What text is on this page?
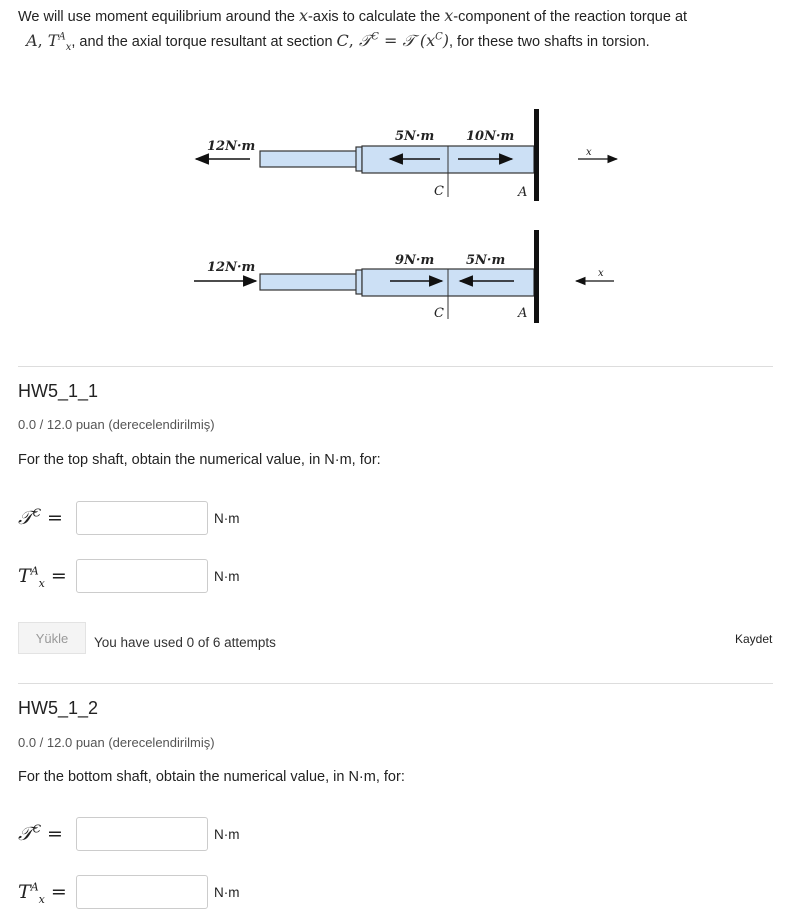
We will use moment equilibrium around the x-axis to calculate the x-component of the reaction torque at
A, $T^A_x$, and the axial torque resultant at section C, 𝒯$^C$ = 𝒯 $(x^C)$, for these two shafts in torsion.
12N·m
5N·m 10N·m
C	A
x
12N·m	9N·m 5N·m
C	A
x
HW5_1_1
0.0 / 12.0 puan (derecelendirilmiş)
For the top shaft, obtain the numerical value, in N·m, for:
𝒯$^C$ =	N·m
$T^A_x$ =	N·m
Yükle	You have used 0 of 6 attempts	Kaydet
HW5_1_2
0.0 / 12.0 puan (derecelendirilmiş)
For the bottom shaft, obtain the numerical value, in N·m, for:
𝒯$^C$ =	N·m
$T^A_x$ =	N·m
